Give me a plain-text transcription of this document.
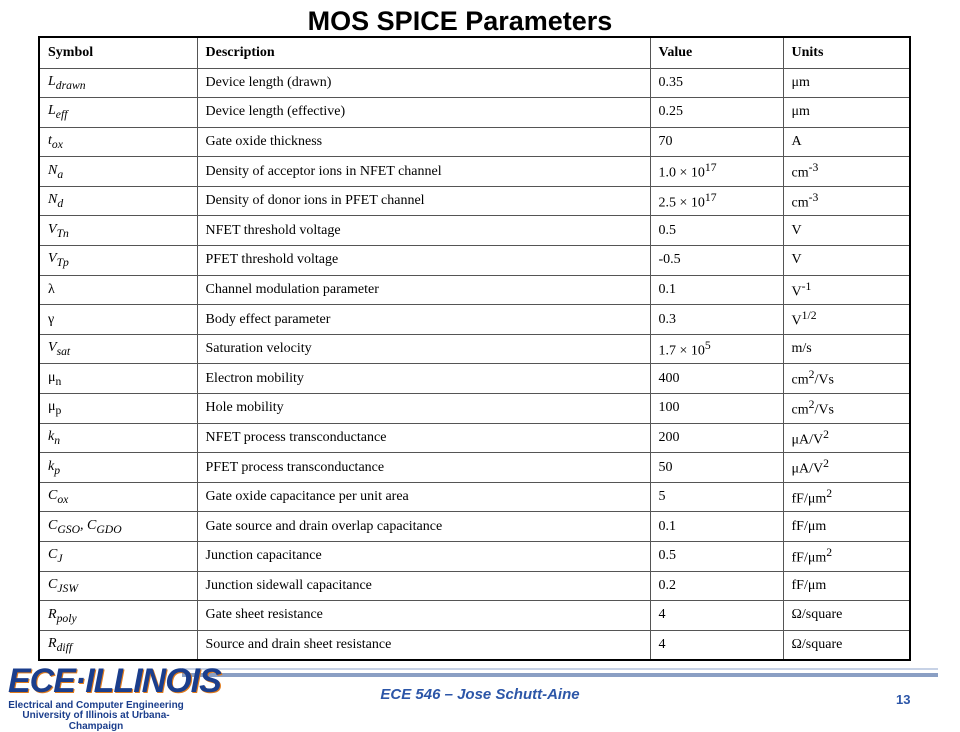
MOS SPICE Parameters
Symbol	Description	Value	Units
$L_{drawn}$	Device length (drawn)	0.35	μm
$L_{eff}$	Device length (effective)	0.25	μm
$t_{ox}$	Gate oxide thickness	70	A
$N_a$	Density of acceptor ions in NFET channel	$1.0 \times 10^{17}$	$cm^{-3}$
$N_d$	Density of donor ions in PFET channel	$2.5 \times 10^{17}$	$cm^{-3}$
$V_{Tn}$	NFET threshold voltage	0.5	V
$V_{Tp}$	PFET threshold voltage	-0.5	V
λ	Channel modulation parameter	0.1	$V^{-1}$
γ	Body effect parameter	0.3	$V^{1/2}$
$V_{sat}$	Saturation velocity	$1.7 \times 10^5$	m/s
$\mu_n$	Electron mobility	400	$cm^2/Vs$
$\mu_p$	Hole mobility	100	$cm^2/Vs$
$k_n$	NFET process transconductance	200	$\mu A/V^2$
$k_p$	PFET process transconductance	50	$\mu A/V^2$
$C_{ox}$	Gate oxide capacitance per unit area	5	$fF/\mu m^2$
$C_{GSO}$, $C_{GDO}$	Gate source and drain overlap capacitance	0.1	fF/μm
$C_J$	Junction capacitance	0.5	$fF/\mu m^2$
$C_{JSW}$	Junction sidewall capacitance	0.2	fF/μm
$R_{poly}$	Gate sheet resistance	4	Ω/square
$R_{diff}$	Source and drain sheet resistance	4	Ω/square
ECE·ILLINOIS
Electrical and Computer Engineering
University of Illinois at Urbana-Champaign
ECE 546 – Jose Schutt-Aine	13
